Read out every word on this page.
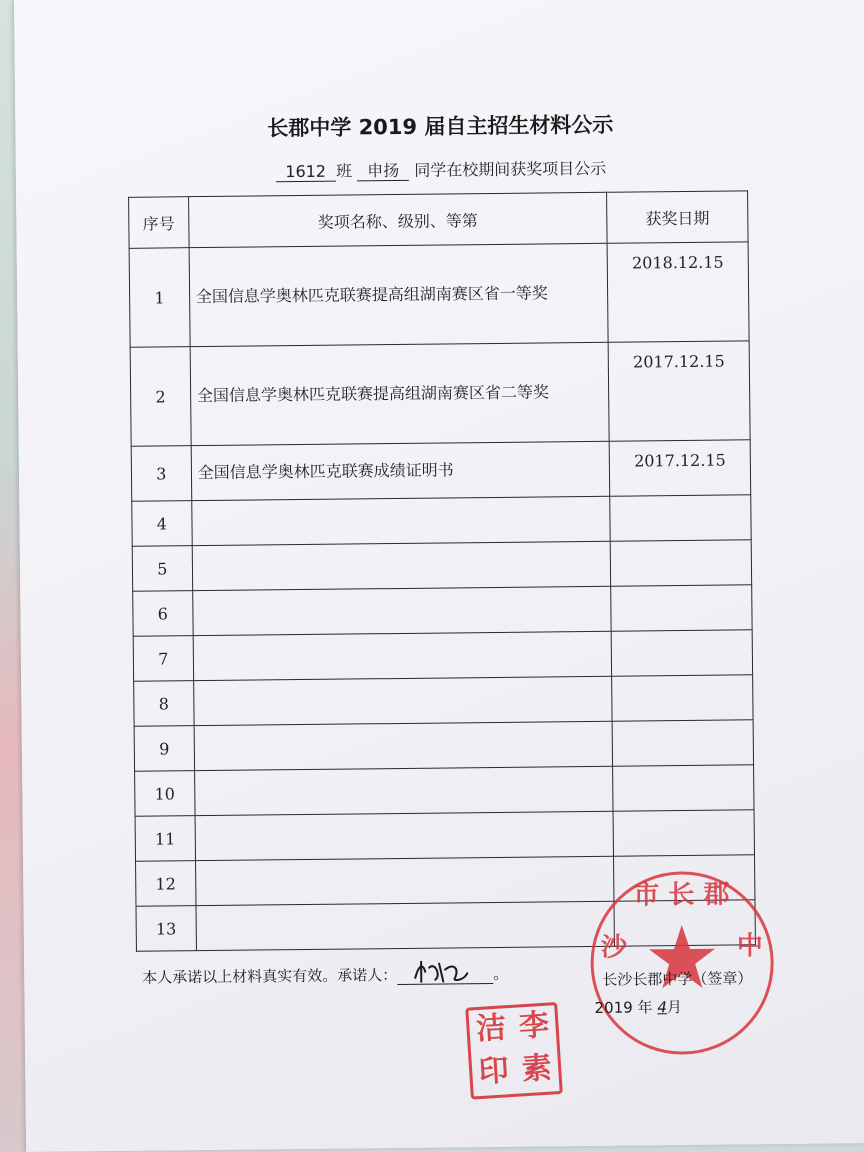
长郡中学 2019 届自主招生材料公示
1612 班 申扬 同学在校期间获奖项目公示
序号	奖项名称、级别、等第	获奖日期
1	全国信息学奥林匹克联赛提高组湖南赛区省一等奖	2018.12.15
2	全国信息学奥林匹克联赛提高组湖南赛区省二等奖	2017.12.15
3	全国信息学奥林匹克联赛成绩证明书	2017.12.15
4		
5		
6		
7		
8		
9		
10		
11		
12		
13		
本人承诺以上材料真实有效。承诺人：	。
市 长 郡
沙	中
长沙长郡中学（签章）
2019 年 4月
洁 李
印 素
